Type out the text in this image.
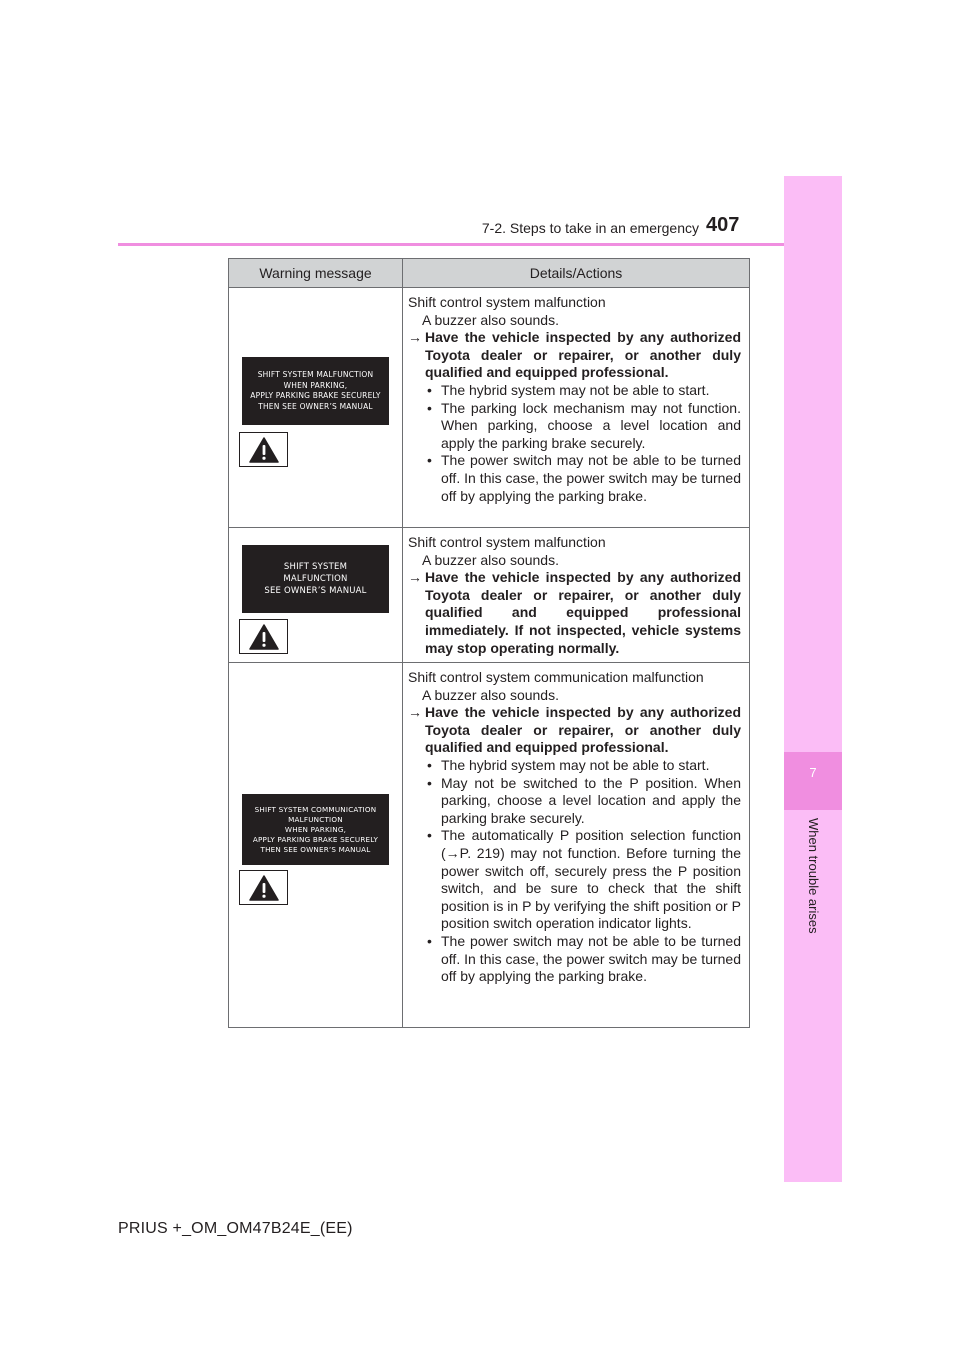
7-2. Steps to take in an emergency 407
7
When trouble arises
Warning message	Details/Actions
SHIFT SYSTEM MALFUNCTION
WHEN PARKING,
APPLY PARKING BRAKE SECURELY
THEN SEE OWNER’S MANUAL
Shift control system malfunction
A buzzer also sounds.
→ Have the vehicle inspected by any authorized Toyota dealer or repairer, or another duly qualified and equipped professional.
• The hybrid system may not be able to start.
• The parking lock mechanism may not function. When parking, choose a level location and apply the parking brake securely.
• The power switch may not be able to be turned off. In this case, the power switch may be turned off by applying the parking brake.
SHIFT SYSTEM
MALFUNCTION
SEE OWNER’S MANUAL
Shift control system malfunction
A buzzer also sounds.
→ Have the vehicle inspected by any authorized Toyota dealer or repairer, or another duly qualified and equipped professional immediately. If not inspected, vehicle systems may stop operating normally.
SHIFT SYSTEM COMMUNICATION
MALFUNCTION
WHEN PARKING,
APPLY PARKING BRAKE SECURELY
THEN SEE OWNER’S MANUAL
Shift control system communication malfunction
A buzzer also sounds.
→ Have the vehicle inspected by any authorized Toyota dealer or repairer, or another duly qualified and equipped professional.
• The hybrid system may not be able to start.
• May not be switched to the P position. When parking, choose a level location and apply the parking brake securely.
• The automatically P position selection function (→P. 219) may not function. Before turning the power switch off, securely press the P position switch, and be sure to check that the shift position is in P by verifying the shift position or P position switch operation indicator lights.
• The power switch may not be able to be turned off. In this case, the power switch may be turned off by applying the parking brake.
PRIUS +_OM_OM47B24E_(EE)
